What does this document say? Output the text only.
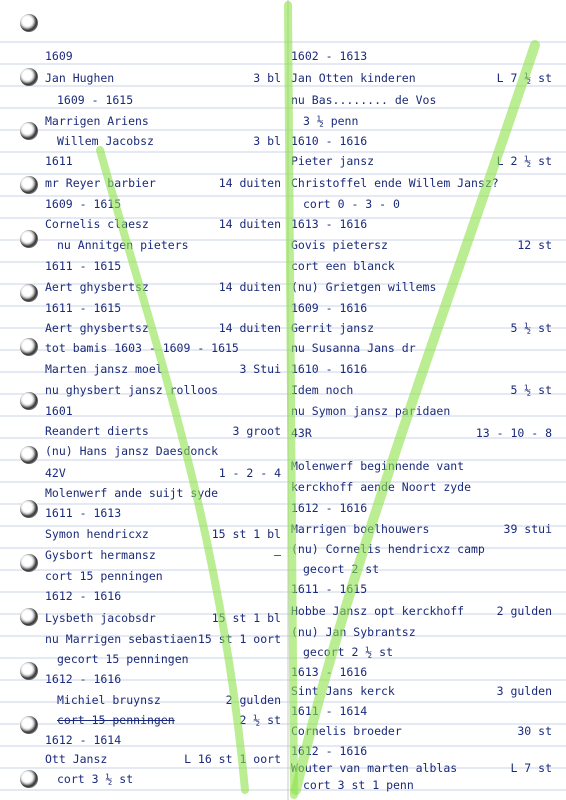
1609
Jan Hughen	3 bl
1609 - 1615
Marrigen Ariens
Willem Jacobsz	3 bl
1611
mr Reyer barbier	14 duiten
1609 - 1615
Cornelis claesz	14 duiten
nu Annitgen pieters
1611 - 1615
Aert ghysbertsz	14 duiten
1611 - 1615
Aert ghysbertsz	14 duiten
tot bamis 1603 - 1609 - 1615
Marten jansz moel	3 Stui
nu ghysbert jansz rolloos
1601
Reandert dierts	3 groot
(nu) Hans jansz Daesdonck
42V	1 - 2 - 4
Molenwerf ande suijt syde
1611 - 1613
Symon hendricxz	15 st 1 bl
Gysbort hermansz	—
cort 15 penningen
1612 - 1616
Lysbeth jacobsdr	15 st 1 bl
nu Marrigen sebastiaen 15 st 1 oort
gecort 15 penningen
1612 - 1616
Michiel bruynsz	2 gulden
cort 15 penningen	2 ½ st
1612 - 1614
Ott Jansz	L 16 st 1 oort
cort 3 ½ st
1602 - 1613
Jan Otten kinderen	L 7 ½ st
nu Bas........ de Vos
3 ½ penn
1610 - 1616
Pieter jansz	L 2 ½ st
Christoffel ende Willem Jansz?
cort 0 - 3 - 0
1613 - 1616
Govis pietersz	12 st
cort een blanck
(nu) Grietgen willems
1609 - 1616
Gerrit jansz	5 ½ st
nu Susanna Jans dr
1610 - 1616
Idem noch	5 ½ st
nu Symon jansz paridaen
43R	13 - 10 - 8
Molenwerf beginnende vant
kerckhoff aende Noort zyde
1612 - 1616
Marrigen boelhouwers	39 stui
(nu) Cornelis hendricxz camp
gecort 2 st
1611 - 1615
Hobbe Jansz opt kerckhoff	2 gulden
(nu) Jan Sybrantsz
gecort 2 ½ st
1613 - 1616
Sint Jans kerck	3 gulden
1611 - 1614
Cornelis broeder	30 st
1612 - 1616
Wouter van marten alblas	L 7 st
cort 3 st 1 penn
